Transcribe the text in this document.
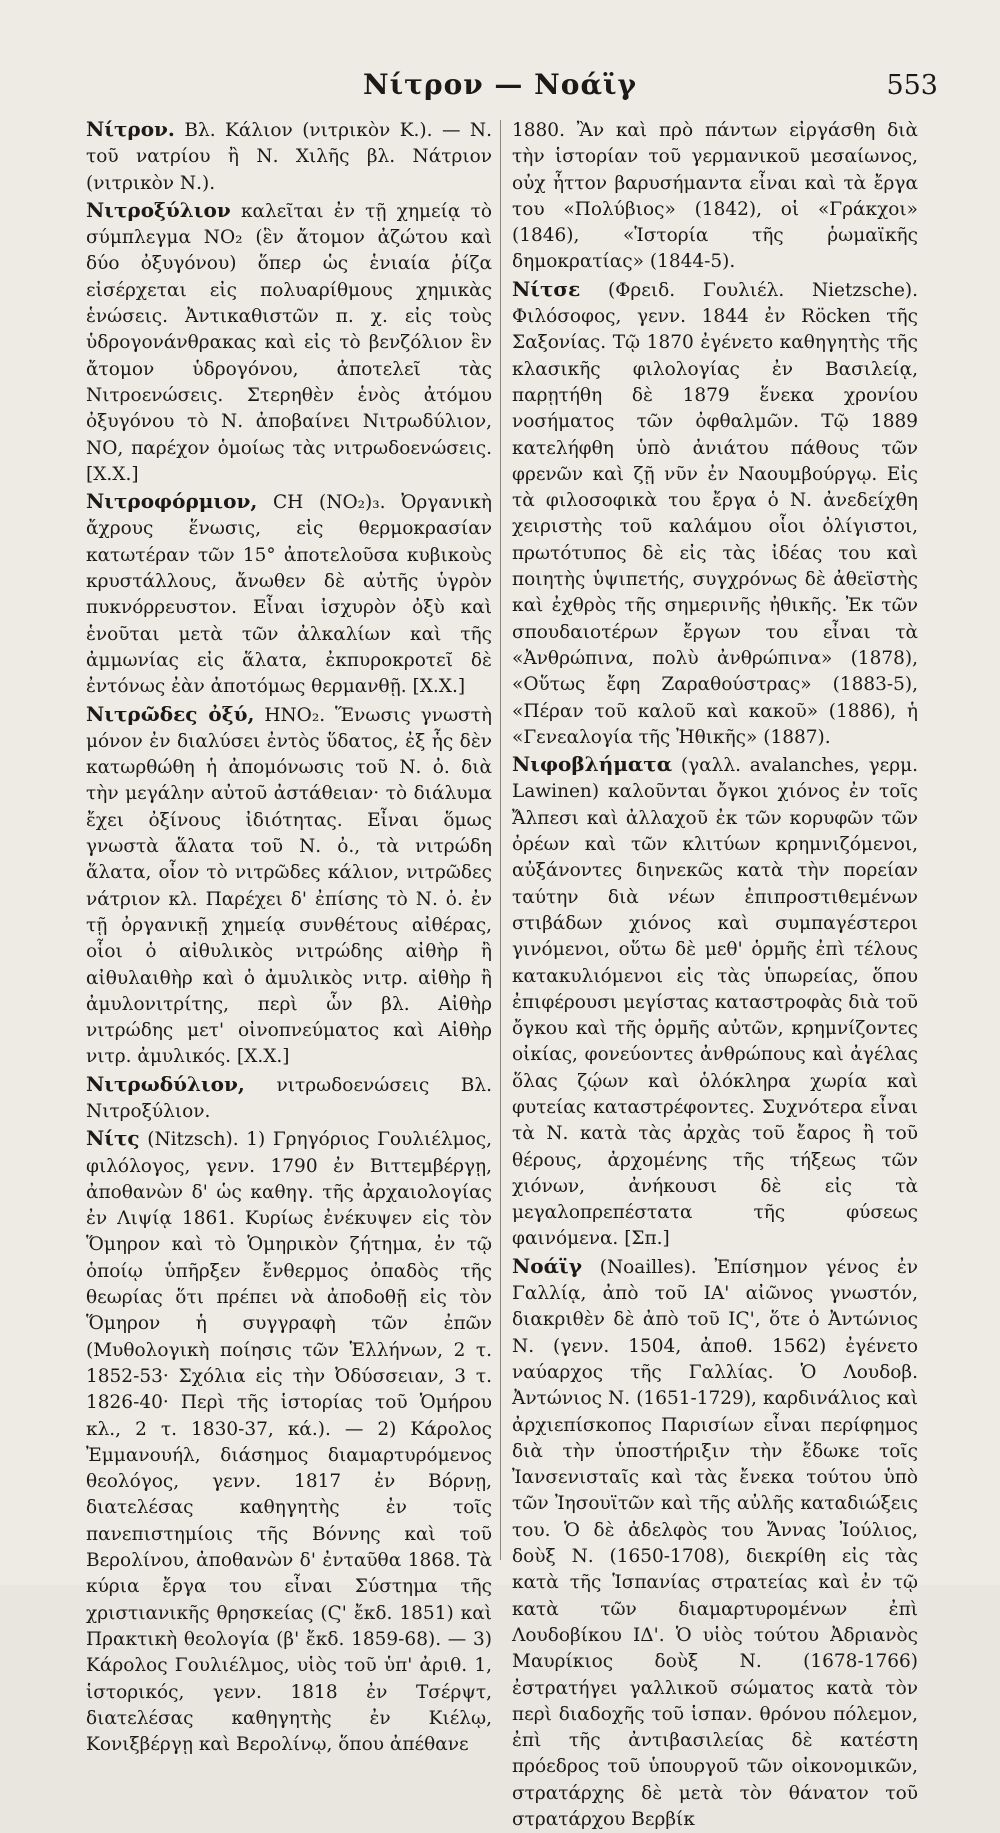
Νίτρον — Νοάϊγ	553

Νίτρον. Βλ. Κάλιον (νιτρικὸν Κ.). — Ν. τοῦ νατρίου ἢ Ν. Χιλῆς βλ. Νάτριον (νιτρικὸν Ν.).

Νιτροξύλιον καλεῖται ἐν τῇ χημείᾳ τὸ σύμπλεγμα NO₂ (ἓν ἄτομον ἀζώτου καὶ δύο ὀξυγόνου) ὅπερ ὡς ἑνιαία ῥίζα εἰσέρχεται εἰς πολυαρίθμους χημικὰς ἑνώσεις. Ἀντικαθιστῶν π. χ. εἰς τοὺς ὑδρογονάνθρακας καὶ εἰς τὸ βενζόλιον ἓν ἄτομον ὑδρογόνου, ἀποτελεῖ τὰς Νιτροενώσεις. Στερηθὲν ἑνὸς ἀτόμου ὀξυγόνου τὸ Ν. ἀποβαίνει Νιτρωδύλιον, ΝΟ, παρέχον ὁμοίως τὰς νιτρωδοενώσεις. [Χ.Χ.]

Νιτροφόρμιον, CH (NO₂)₃. Ὀργανικὴ ἄχρους ἕνωσις, εἰς θερμοκρασίαν κατωτέραν τῶν 15° ἀποτελοῦσα κυβικοὺς κρυστάλλους, ἄνωθεν δὲ αὐτῆς ὑγρὸν πυκνόρρευστον. Εἶναι ἰσχυρὸν ὀξὺ καὶ ἑνοῦται μετὰ τῶν ἀλκαλίων καὶ τῆς ἀμμωνίας εἰς ἅλατα, ἐκπυροκροτεῖ δὲ ἐντόνως ἐὰν ἀποτόμως θερμανθῇ. [Χ.Χ.]

Νιτρῶδες ὀξύ, HNO₂. Ἕνωσις γνωστὴ μόνον ἐν διαλύσει ἐντὸς ὕδατος, ἐξ ἧς δὲν κατωρθώθη ἡ ἀπομόνωσις τοῦ Ν. ὀ. διὰ τὴν μεγάλην αὐτοῦ ἀστάθειαν· τὸ διάλυμα ἔχει ὀξίνους ἰδιότητας. Εἶναι ὅμως γνωστὰ ἅλατα τοῦ Ν. ὀ., τὰ νιτρώδη ἅλατα, οἷον τὸ νιτρῶδες κάλιον, νιτρῶδες νάτριον κλ. Παρέχει δ' ἐπίσης τὸ Ν. ὀ. ἐν τῇ ὀργανικῇ χημείᾳ συνθέτους αἰθέρας, οἷοι ὁ αἰθυλικὸς νιτρώδης αἰθὴρ ἢ αἰθυλαιθὴρ καὶ ὁ ἀμυλικὸς νιτρ. αἰθὴρ ἢ ἀμυλονιτρίτης, περὶ ὧν βλ. Αἰθὴρ νιτρώδης μετ' οἰνοπνεύματος καὶ Αἰθὴρ νιτρ. ἀμυλικός. [Χ.Χ.]

Νιτρωδύλιον, νιτρωδοενώσεις Βλ. Νιτροξύλιον.

Νίτς (Nitzsch). 1) Γρηγόριος Γουλιέλμος, φιλόλογος, γενν. 1790 ἐν Βιττεμβέργῃ, ἀποθανὼν δ' ὡς καθηγ. τῆς ἀρχαιολογίας ἐν Λιψίᾳ 1861. Κυρίως ἐνέκυψεν εἰς τὸν Ὅμηρον καὶ τὸ Ὁμηρικὸν ζήτημα, ἐν τῷ ὁποίῳ ὑπῆρξεν ἔνθερμος ὀπαδὸς τῆς θεωρίας ὅτι πρέπει νὰ ἀποδοθῇ εἰς τὸν Ὅμηρον ἡ συγγραφὴ τῶν ἐπῶν (Μυθολογικὴ ποίησις τῶν Ἑλλήνων, 2 τ. 1852-53· Σχόλια εἰς τὴν Ὀδύσσειαν, 3 τ. 1826-40· Περὶ τῆς ἱστορίας τοῦ Ὁμήρου κλ., 2 τ. 1830-37, κά.). — 2) Κάρολος Ἐμμανουήλ, διάσημος διαμαρτυρόμενος θεολόγος, γενν. 1817 ἐν Βόρνῃ, διατελέσας καθηγητὴς ἐν τοῖς πανεπιστημίοις τῆς Βόννης καὶ τοῦ Βερολίνου, ἀποθανὼν δ' ἐνταῦθα 1868. Τὰ κύρια ἔργα του εἶναι Σύστημα τῆς χριστιανικῆς θρησκείας (Ϛ' ἔκδ. 1851) καὶ Πρακτικὴ θεολογία (β' ἔκδ. 1859-68). — 3) Κάρολος Γουλιέλμος, υἱὸς τοῦ ὑπ' ἀριθ. 1, ἱστορικός, γενν. 1818 ἐν Τσέρψτ, διατελέσας καθηγητὴς ἐν Κιέλῳ, Κονιξβέργῃ καὶ Βερολίνῳ, ὅπου ἀπέθανε

1880. Ἂν καὶ πρὸ πάντων εἰργάσθη διὰ τὴν ἱστορίαν τοῦ γερμανικοῦ μεσαίωνος, οὐχ ἧττον βαρυσήμαντα εἶναι καὶ τὰ ἔργα του «Πολύβιος» (1842), οἱ «Γράκχοι» (1846), «Ἱστορία τῆς ῥωμαϊκῆς δημοκρατίας» (1844-5).

Νίτσε (Φρειδ. Γουλιέλ. Nietzsche). Φιλόσοφος, γενν. 1844 ἐν Röcken τῆς Σαξονίας. Τῷ 1870 ἐγένετο καθηγητὴς τῆς κλασικῆς φιλολογίας ἐν Βασιλείᾳ, παρῃτήθη δὲ 1879 ἕνεκα χρονίου νοσήματος τῶν ὀφθαλμῶν. Τῷ 1889 κατελήφθη ὑπὸ ἀνιάτου πάθους τῶν φρενῶν καὶ ζῇ νῦν ἐν Ναουμβούργῳ. Εἰς τὰ φιλοσοφικὰ του ἔργα ὁ Ν. ἀνεδείχθη χειριστὴς τοῦ καλάμου οἷοι ὀλίγιστοι, πρωτότυπος δὲ εἰς τὰς ἰδέας του καὶ ποιητὴς ὑψιπετής, συγχρόνως δὲ ἀθεϊστὴς καὶ ἐχθρὸς τῆς σημερινῆς ἠθικῆς. Ἐκ τῶν σπουδαιοτέρων ἔργων του εἶναι τὰ «Ἀνθρώπινα, πολὺ ἀνθρώπινα» (1878), «Οὕτως ἔφη Ζαραθούστρας» (1883-5), «Πέραν τοῦ καλοῦ καὶ κακοῦ» (1886), ἡ «Γενεαλογία τῆς Ἠθικῆς» (1887).

Νιφοβλήματα (γαλλ. avalanches, γερμ. Lawinen) καλοῦνται ὄγκοι χιόνος ἐν τοῖς Ἄλπεσι καὶ ἀλλαχοῦ ἐκ τῶν κορυφῶν τῶν ὀρέων καὶ τῶν κλιτύων κρημνιζόμενοι, αὐξάνοντες διηνεκῶς κατὰ τὴν πορείαν ταύτην διὰ νέων ἐπιπροστιθεμένων στιβάδων χιόνος καὶ συμπαγέστεροι γινόμενοι, οὕτω δὲ μεθ' ὁρμῆς ἐπὶ τέλους κατακυλιόμενοι εἰς τὰς ὑπωρείας, ὅπου ἐπιφέρουσι μεγίστας καταστροφὰς διὰ τοῦ ὄγκου καὶ τῆς ὁρμῆς αὐτῶν, κρημνίζοντες οἰκίας, φονεύοντες ἀνθρώπους καὶ ἀγέλας ὅλας ζῴων καὶ ὁλόκληρα χωρία καὶ φυτείας καταστρέφοντες. Συχνότερα εἶναι τὰ Ν. κατὰ τὰς ἀρχὰς τοῦ ἔαρος ἢ τοῦ θέρους, ἀρχομένης τῆς τήξεως τῶν χιόνων, ἀνήκουσι δὲ εἰς τὰ μεγαλοπρεπέστατα τῆς φύσεως φαινόμενα. [Σπ.]

Νοάϊγ (Noailles). Ἐπίσημον γένος ἐν Γαλλίᾳ, ἀπὸ τοῦ ΙΑ' αἰῶνος γνωστόν, διακριθὲν δὲ ἀπὸ τοῦ ΙϚ', ὅτε ὁ Ἀντώνιος Ν. (γενν. 1504, ἀποθ. 1562) ἐγένετο ναύαρχος τῆς Γαλλίας. Ὁ Λουδοβ. Ἀντώνιος Ν. (1651-1729), καρδινάλιος καὶ ἀρχιεπίσκοπος Παρισίων εἶναι περίφημος διὰ τὴν ὑποστήριξιν τὴν ἔδωκε τοῖς Ἰανσενισταῖς καὶ τὰς ἔνεκα τούτου ὑπὸ τῶν Ἰησουϊτῶν καὶ τῆς αὐλῆς καταδιώξεις του. Ὁ δὲ ἀδελφὸς του Ἄννας Ἰούλιος, δοὺξ Ν. (1650-1708), διεκρίθη εἰς τὰς κατὰ τῆς Ἱσπανίας στρατείας καὶ ἐν τῷ κατὰ τῶν διαμαρτυρομένων ἐπὶ Λουδοβίκου ΙΔ'. Ὁ υἱὸς τούτου Ἀδριανὸς Μαυρίκιος δοὺξ Ν. (1678-1766) ἐστρατήγει γαλλικοῦ σώματος κατὰ τὸν περὶ διαδοχῆς τοῦ ἱσπαν. θρόνου πόλεμον, ἐπὶ τῆς ἀντιβασιλείας δὲ κατέστη πρόεδρος τοῦ ὑπουργοῦ τῶν οἰκονομικῶν, στρατάρχης δὲ μετὰ τὸν θάνατον τοῦ στρατάρχου Βερβίκ
